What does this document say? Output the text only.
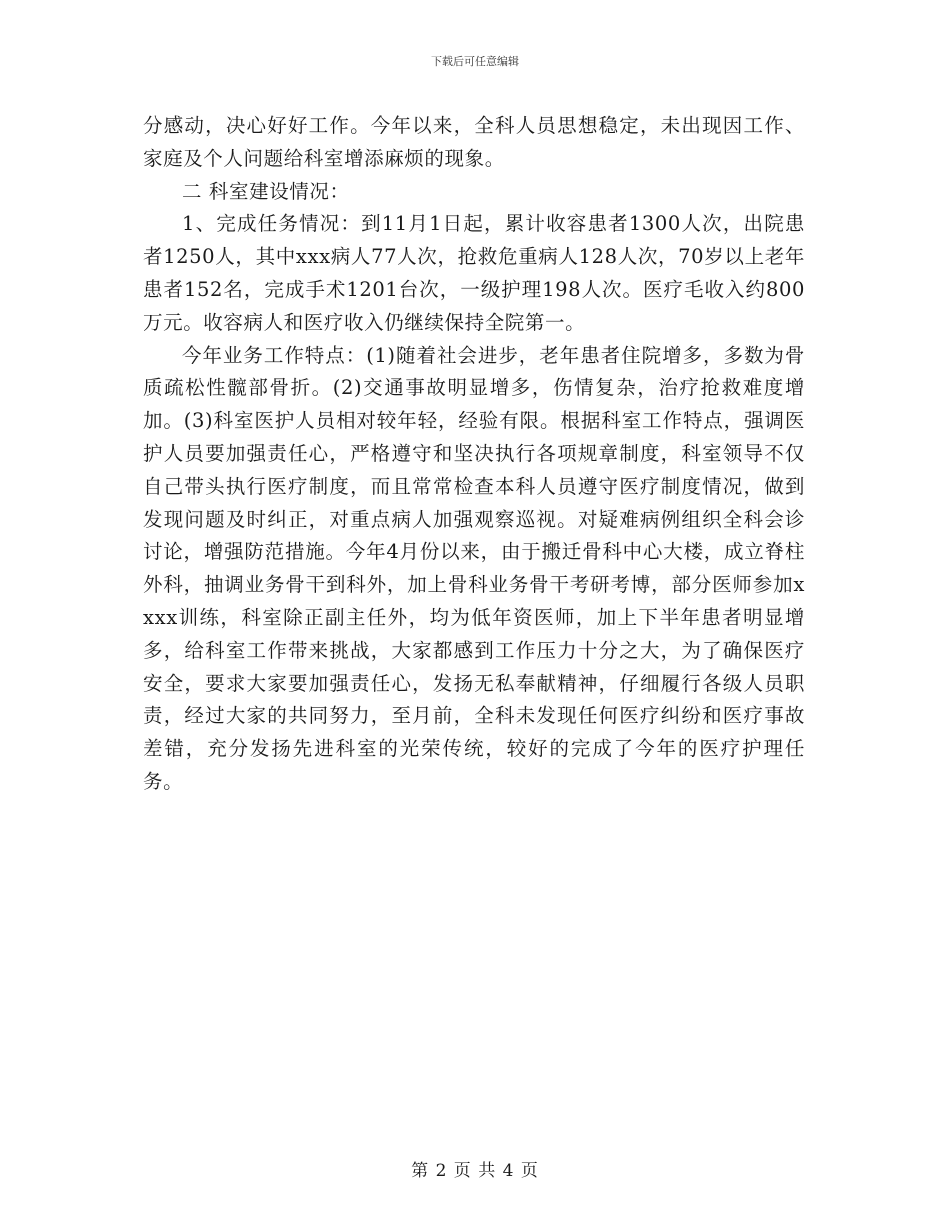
下载后可任意编辑

分感动，决心好好工作。今年以来，全科人员思想稳定，未出现因工作、家庭及个人问题给科室增添麻烦的现象。

二 科室建设情况：

1、完成任务情况：到11月1日起，累计收容患者1300人次，出院患者1250人，其中xxx病人77人次，抢救危重病人128人次，70岁以上老年患者152名，完成手术1201台次，一级护理198人次。医疗毛收入约800万元。收容病人和医疗收入仍继续保持全院第一。

今年业务工作特点：(1)随着社会进步，老年患者住院增多，多数为骨质疏松性髋部骨折。(2)交通事故明显增多，伤情复杂，治疗抢救难度增加。(3)科室医护人员相对较年轻，经验有限。根据科室工作特点，强调医护人员要加强责任心，严格遵守和坚决执行各项规章制度，科室领导不仅自己带头执行医疗制度，而且常常检查本科人员遵守医疗制度情况，做到发现问题及时纠正，对重点病人加强观察巡视。对疑难病例组织全科会诊讨论，增强防范措施。今年4月份以来，由于搬迁骨科中心大楼，成立脊柱外科，抽调业务骨干到科外，加上骨科业务骨干考研考博，部分医师参加xxxx训练，科室除正副主任外，均为低年资医师，加上下半年患者明显增多，给科室工作带来挑战，大家都感到工作压力十分之大，为了确保医疗安全，要求大家要加强责任心，发扬无私奉献精神，仔细履行各级人员职责，经过大家的共同努力，至月前，全科未发现任何医疗纠纷和医疗事故差错，充分发扬先进科室的光荣传统，较好的完成了今年的医疗护理任务。

第 2 页 共 4 页
